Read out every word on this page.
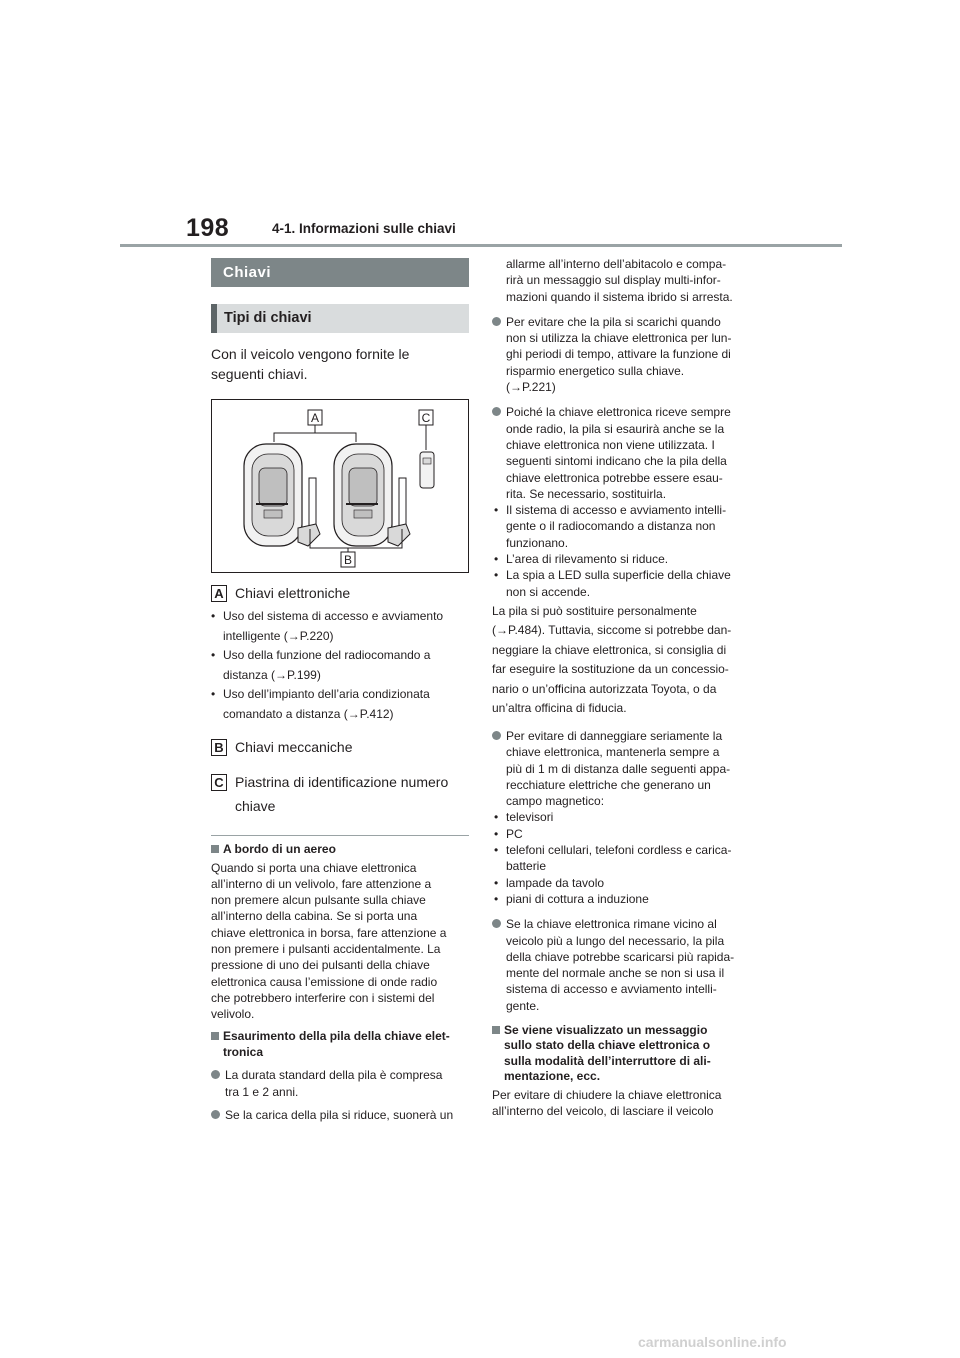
198	4-1. Informazioni sulle chiavi
Chiavi
Tipi di chiavi
Con il veicolo vengono fornite le
seguenti chiavi.
A	C
B
A Chiavi elettroniche
• Uso del sistema di accesso e avviamento
intelligente (→P.220)
• Uso della funzione del radiocomando a
distanza (→P.199)
• Uso dell’impianto dell’aria condizionata
comandato a distanza (→P.412)
B Chiavi meccaniche
C Piastrina di identificazione numero
chiave
A bordo di un aereo
Quando si porta una chiave elettronica
all’interno di un velivolo, fare attenzione a
non premere alcun pulsante sulla chiave
all’interno della cabina. Se si porta una
chiave elettronica in borsa, fare attenzione a
non premere i pulsanti accidentalmente. La
pressione di uno dei pulsanti della chiave
elettronica causa l’emissione di onde radio
che potrebbero interferire con i sistemi del
velivolo.
Esaurimento della pila della chiave elet-
tronica
La durata standard della pila è compresa
tra 1 e 2 anni.
Se la carica della pila si riduce, suonerà un
allarme all’interno dell’abitacolo e compa-
rirà un messaggio sul display multi-infor-
mazioni quando il sistema ibrido si arresta.
Per evitare che la pila si scarichi quando
non si utilizza la chiave elettronica per lun-
ghi periodi di tempo, attivare la funzione di
risparmio energetico sulla chiave.
(→P.221)
Poiché la chiave elettronica riceve sempre
onde radio, la pila si esaurirà anche se la
chiave elettronica non viene utilizzata. I
seguenti sintomi indicano che la pila della
chiave elettronica potrebbe essere esau-
rita. Se necessario, sostituirla.
• Il sistema di accesso e avviamento intelli-
gente o il radiocomando a distanza non
funzionano.
• L’area di rilevamento si riduce.
• La spia a LED sulla superficie della chiave
non si accende.
La pila si può sostituire personalmente
(→P.484). Tuttavia, siccome si potrebbe dan-
neggiare la chiave elettronica, si consiglia di
far eseguire la sostituzione da un concessio-
nario o un’officina autorizzata Toyota, o da
un’altra officina di fiducia.
Per evitare di danneggiare seriamente la
chiave elettronica, mantenerla sempre a
più di 1 m di distanza dalle seguenti appa-
recchiature elettriche che generano un
campo magnetico:
• televisori
• PC
• telefoni cellulari, telefoni cordless e carica-
batterie
• lampade da tavolo
• piani di cottura a induzione
Se la chiave elettronica rimane vicino al
veicolo più a lungo del necessario, la pila
della chiave potrebbe scaricarsi più rapida-
mente del normale anche se non si usa il
sistema di accesso e avviamento intelli-
gente.
Se viene visualizzato un messaggio
sullo stato della chiave elettronica o
sulla modalità dell’interruttore di ali-
mentazione, ecc.
Per evitare di chiudere la chiave elettronica
all’interno del veicolo, di lasciare il veicolo
carmanualsonline.info
